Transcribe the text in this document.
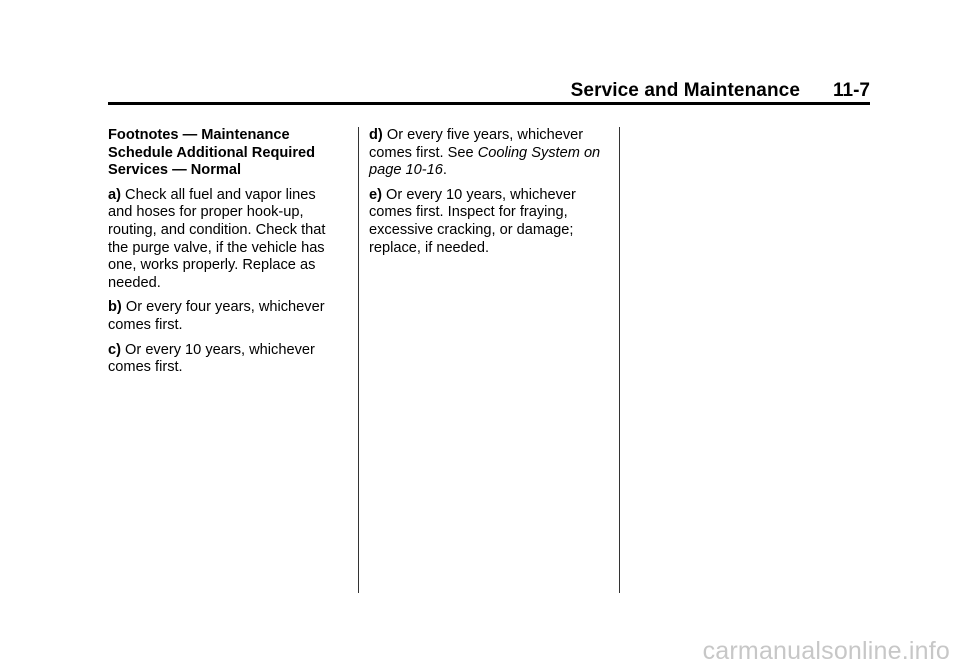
Service and Maintenance 11-7

Footnotes — Maintenance Schedule Additional Required Services — Normal

a) Check all fuel and vapor lines and hoses for proper hook-up, routing, and condition. Check that the purge valve, if the vehicle has one, works properly. Replace as needed.

b) Or every four years, whichever comes first.

c) Or every 10 years, whichever comes first.

d) Or every five years, whichever comes first. See Cooling System on page 10-16.

e) Or every 10 years, whichever comes first. Inspect for fraying, excessive cracking, or damage; replace, if needed.

carmanualsonline.info
